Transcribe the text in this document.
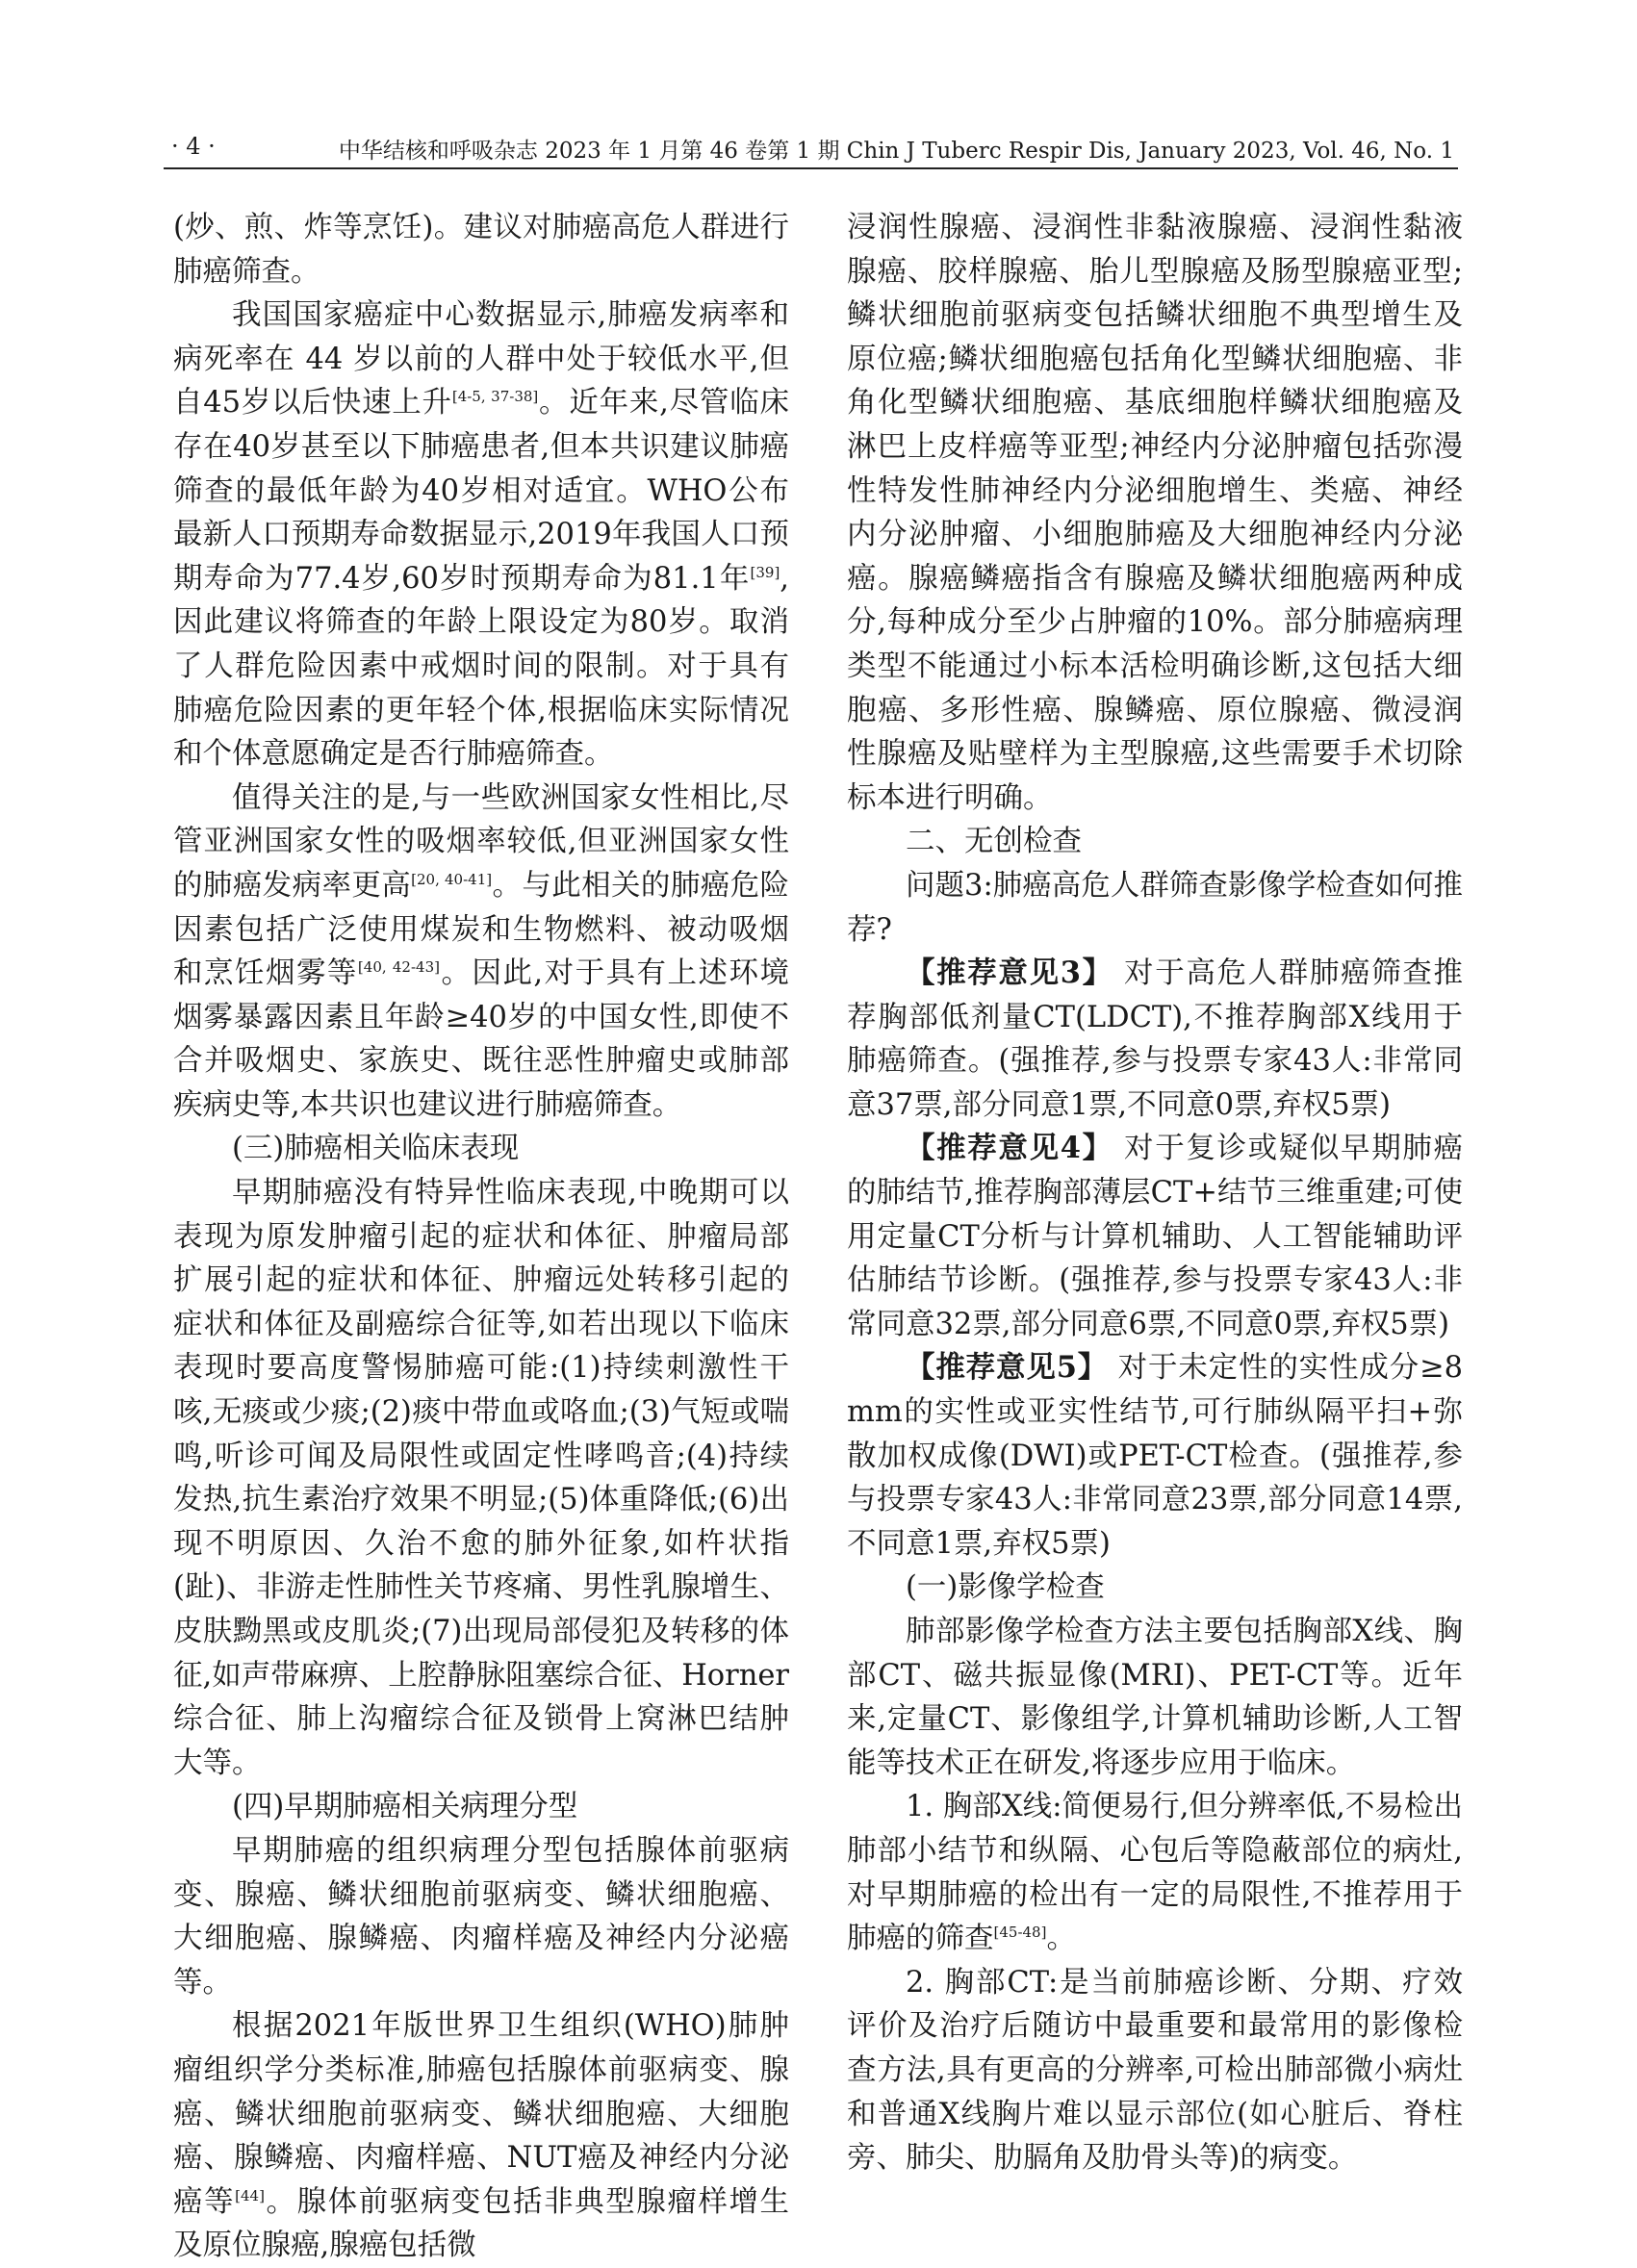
· 4 ·	中华结核和呼吸杂志 2023 年 1 月第 46 卷第 1 期 Chin J Tuberc Respir Dis, January 2023, Vol. 46, No. 1

(炒、煎、炸等烹饪)。建议对肺癌高危人群进行肺癌筛查。

我国国家癌症中心数据显示,肺癌发病率和病死率在 44 岁以前的人群中处于较低水平,但自45岁以后快速上升[4-5, 37-38]。近年来,尽管临床存在40岁甚至以下肺癌患者,但本共识建议肺癌筛查的最低年龄为40岁相对适宜。WHO公布最新人口预期寿命数据显示,2019年我国人口预期寿命为77.4岁,60岁时预期寿命为81.1年[39],因此建议将筛查的年龄上限设定为80岁。取消了人群危险因素中戒烟时间的限制。对于具有肺癌危险因素的更年轻个体,根据临床实际情况和个体意愿确定是否行肺癌筛查。

值得关注的是,与一些欧洲国家女性相比,尽管亚洲国家女性的吸烟率较低,但亚洲国家女性的肺癌发病率更高[20, 40-41]。与此相关的肺癌危险因素包括广泛使用煤炭和生物燃料、被动吸烟和烹饪烟雾等[40, 42-43]。因此,对于具有上述环境烟雾暴露因素且年龄≥40岁的中国女性,即使不合并吸烟史、家族史、既往恶性肿瘤史或肺部疾病史等,本共识也建议进行肺癌筛查。

(三)肺癌相关临床表现

早期肺癌没有特异性临床表现,中晚期可以表现为原发肿瘤引起的症状和体征、肿瘤局部扩展引起的症状和体征、肿瘤远处转移引起的症状和体征及副癌综合征等,如若出现以下临床表现时要高度警惕肺癌可能:(1)持续刺激性干咳,无痰或少痰;(2)痰中带血或咯血;(3)气短或喘鸣,听诊可闻及局限性或固定性哮鸣音;(4)持续发热,抗生素治疗效果不明显;(5)体重降低;(6)出现不明原因、久治不愈的肺外征象,如杵状指(趾)、非游走性肺性关节疼痛、男性乳腺增生、皮肤黝黑或皮肌炎;(7)出现局部侵犯及转移的体征,如声带麻痹、上腔静脉阻塞综合征、Horner综合征、肺上沟瘤综合征及锁骨上窝淋巴结肿大等。

(四)早期肺癌相关病理分型

早期肺癌的组织病理分型包括腺体前驱病变、腺癌、鳞状细胞前驱病变、鳞状细胞癌、大细胞癌、腺鳞癌、肉瘤样癌及神经内分泌癌等。

根据2021年版世界卫生组织(WHO)肺肿瘤组织学分类标准,肺癌包括腺体前驱病变、腺癌、鳞状细胞前驱病变、鳞状细胞癌、大细胞癌、腺鳞癌、肉瘤样癌、NUT癌及神经内分泌癌等[44]。腺体前驱病变包括非典型腺瘤样增生及原位腺癌,腺癌包括微

浸润性腺癌、浸润性非黏液腺癌、浸润性黏液腺癌、胶样腺癌、胎儿型腺癌及肠型腺癌亚型;鳞状细胞前驱病变包括鳞状细胞不典型增生及原位癌;鳞状细胞癌包括角化型鳞状细胞癌、非角化型鳞状细胞癌、基底细胞样鳞状细胞癌及淋巴上皮样癌等亚型;神经内分泌肿瘤包括弥漫性特发性肺神经内分泌细胞增生、类癌、神经内分泌肿瘤、小细胞肺癌及大细胞神经内分泌癌。腺癌鳞癌指含有腺癌及鳞状细胞癌两种成分,每种成分至少占肿瘤的10%。部分肺癌病理类型不能通过小标本活检明确诊断,这包括大细胞癌、多形性癌、腺鳞癌、原位腺癌、微浸润性腺癌及贴壁样为主型腺癌,这些需要手术切除标本进行明确。

二、无创检查

问题3:肺癌高危人群筛查影像学检查如何推荐?

【推荐意见3】 对于高危人群肺癌筛查推荐胸部低剂量CT(LDCT),不推荐胸部X线用于肺癌筛查。(强推荐,参与投票专家43人:非常同意37票,部分同意1票,不同意0票,弃权5票)

【推荐意见4】 对于复诊或疑似早期肺癌的肺结节,推荐胸部薄层CT+结节三维重建;可使用定量CT分析与计算机辅助、人工智能辅助评估肺结节诊断。(强推荐,参与投票专家43人:非常同意32票,部分同意6票,不同意0票,弃权5票)

【推荐意见5】 对于未定性的实性成分≥8 mm的实性或亚实性结节,可行肺纵隔平扫+弥散加权成像(DWI)或PET-CT检查。(强推荐,参与投票专家43人:非常同意23票,部分同意14票,不同意1票,弃权5票)

(一)影像学检查

肺部影像学检查方法主要包括胸部X线、胸部CT、磁共振显像(MRI)、PET-CT等。近年来,定量CT、影像组学,计算机辅助诊断,人工智能等技术正在研发,将逐步应用于临床。

1. 胸部X线:简便易行,但分辨率低,不易检出肺部小结节和纵隔、心包后等隐蔽部位的病灶,对早期肺癌的检出有一定的局限性,不推荐用于肺癌的筛查[45-48]。

2. 胸部CT:是当前肺癌诊断、分期、疗效评价及治疗后随访中最重要和最常用的影像检查方法,具有更高的分辨率,可检出肺部微小病灶和普通X线胸片难以显示部位(如心脏后、脊柱旁、肺尖、肋膈角及肋骨头等)的病变。
